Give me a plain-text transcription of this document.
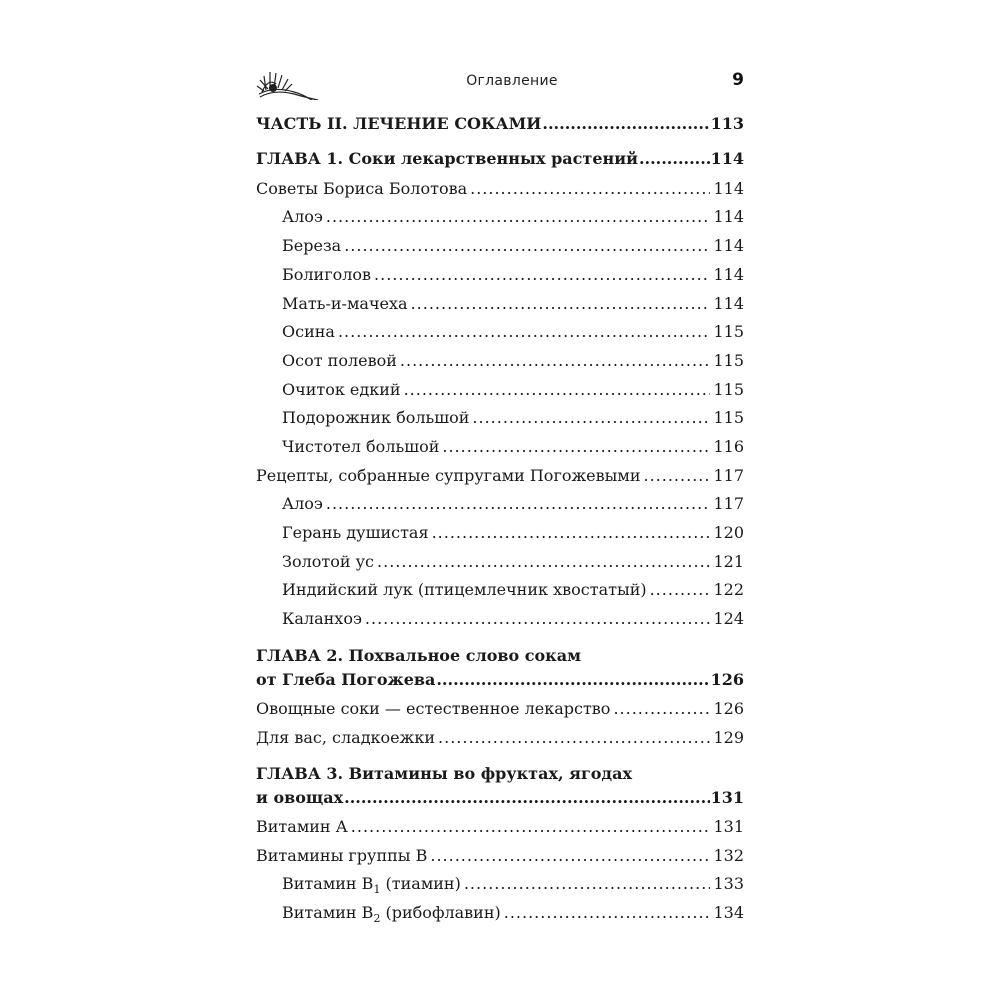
Оглавление	9
ЧАСТЬ II. ЛЕЧЕНИЕ СОКАМИ .....	113
ГЛАВА 1. Соки лекарственных растений .....	114
Советы Бориса Болотова .....	114
Алоэ .....	114
Береза .....	114
Болиголов .....	114
Мать-и-мачеха .....	114
Осина .....	115
Осот полевой .....	115
Очиток едкий .....	115
Подорожник большой .....	115
Чистотел большой .....	116
Рецепты, собранные супругами Погожевыми .....	117
Алоэ .....	117
Герань душистая .....	120
Золотой ус .....	121
Индийский лук (птицемлечник хвостатый) .....	122
Каланхоэ .....	124
ГЛАВА 2. Похвальное слово сокам
от Глеба Погожева .....	126
Овощные соки — естественное лекарство .....	126
Для вас, сладкоежки .....	129
ГЛАВА 3. Витамины во фруктах, ягодах
и овощах .....	131
Витамин А .....	131
Витамины группы В .....	132
Витамин $В_1$ (тиамин) .....	133
Витамин $В_2$ (рибофлавин) .....	134
